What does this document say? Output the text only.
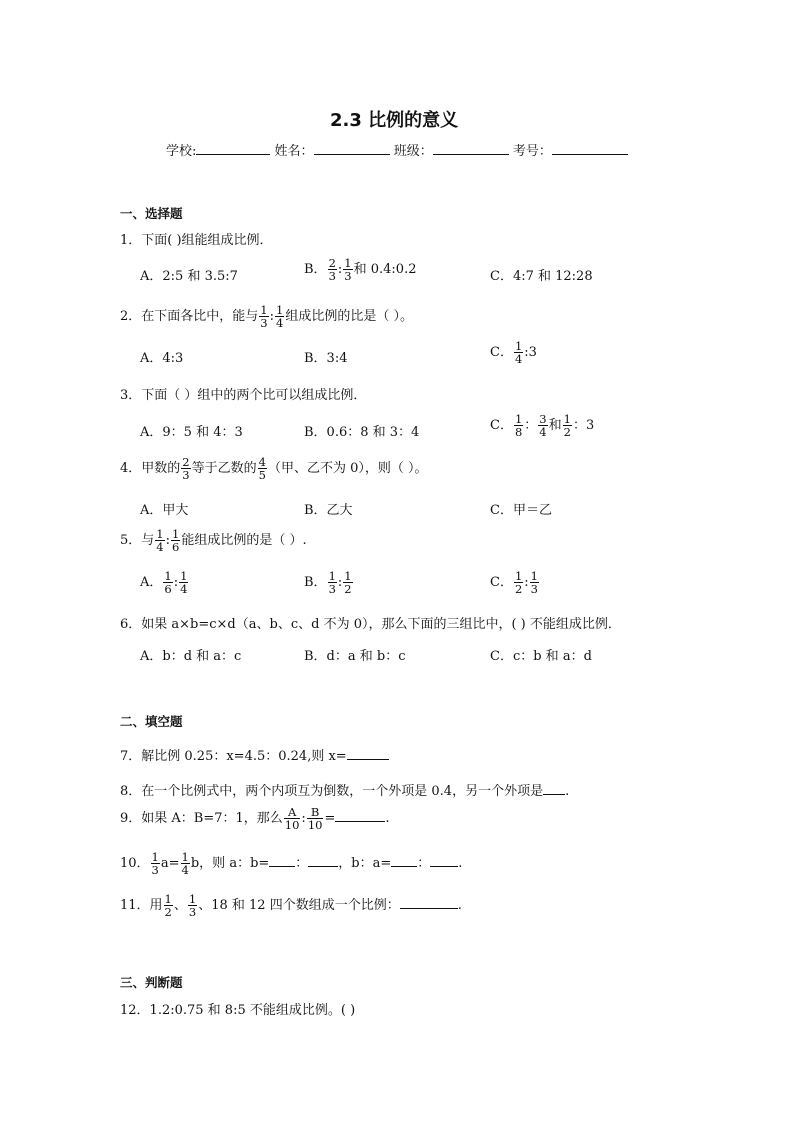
2.3 比例的意义
学校:	姓名：	班级：	考号：
一、选择题
1．下面( )组能组成比例．
A．2:5 和 3.5:7	B． $\frac{2}{3}$ : $\frac{1}{3}$ 和 0.4:0.2	C．4:7 和 12:28
2．在下面各比中，能与 $\frac{1}{3}$ : $\frac{1}{4}$ 组成比例的比是（ ）。
A．4:3	B．3:4	C． $\frac{1}{4}$ :3
3．下面（ ）组中的两个比可以组成比例．
A．9：5 和 4：3	B．0.6：8 和 3：4	C． $\frac{1}{8}$ ： $\frac{3}{4}$ 和 $\frac{1}{2}$ ：3
4．甲数的 $\frac{2}{3}$ 等于乙数的 $\frac{4}{5}$ （甲、乙不为 0），则（ ）。
A．甲大	B．乙大	C．甲＝乙
5．与 $\frac{1}{4}$ : $\frac{1}{6}$ 能组成比例的是（ ）.
A． $\frac{1}{6}$ : $\frac{1}{4}$	B． $\frac{1}{3}$ : $\frac{1}{2}$	C． $\frac{1}{2}$ : $\frac{1}{3}$
6．如果 a×b=c×d（a、b、c、d 不为 0），那么下面的三组比中，( ) 不能组成比例．
A．b：d 和 a：c	B．d：a 和 b：c	C．c：b 和 a：d
二、填空题
7．解比例 0.25：x=4.5：0.24,则 x=
8．在一个比例式中，两个内项互为倒数，一个外项是 0.4，另一个外项是 .
9．如果 A：B=7：1，那么 $\frac{A}{10}$ : $\frac{B}{10}$ =	.
10． $\frac{1}{3} a= \frac{1}{4}$ b，则 a：b= ： ，b：a= ： .
11．用 $\frac{1}{2}$ 、 $\frac{1}{3}$ 、18 和 12 四个数组成一个比例：	.
三、判断题
12．1.2:0.75 和 8:5 不能组成比例。( )
